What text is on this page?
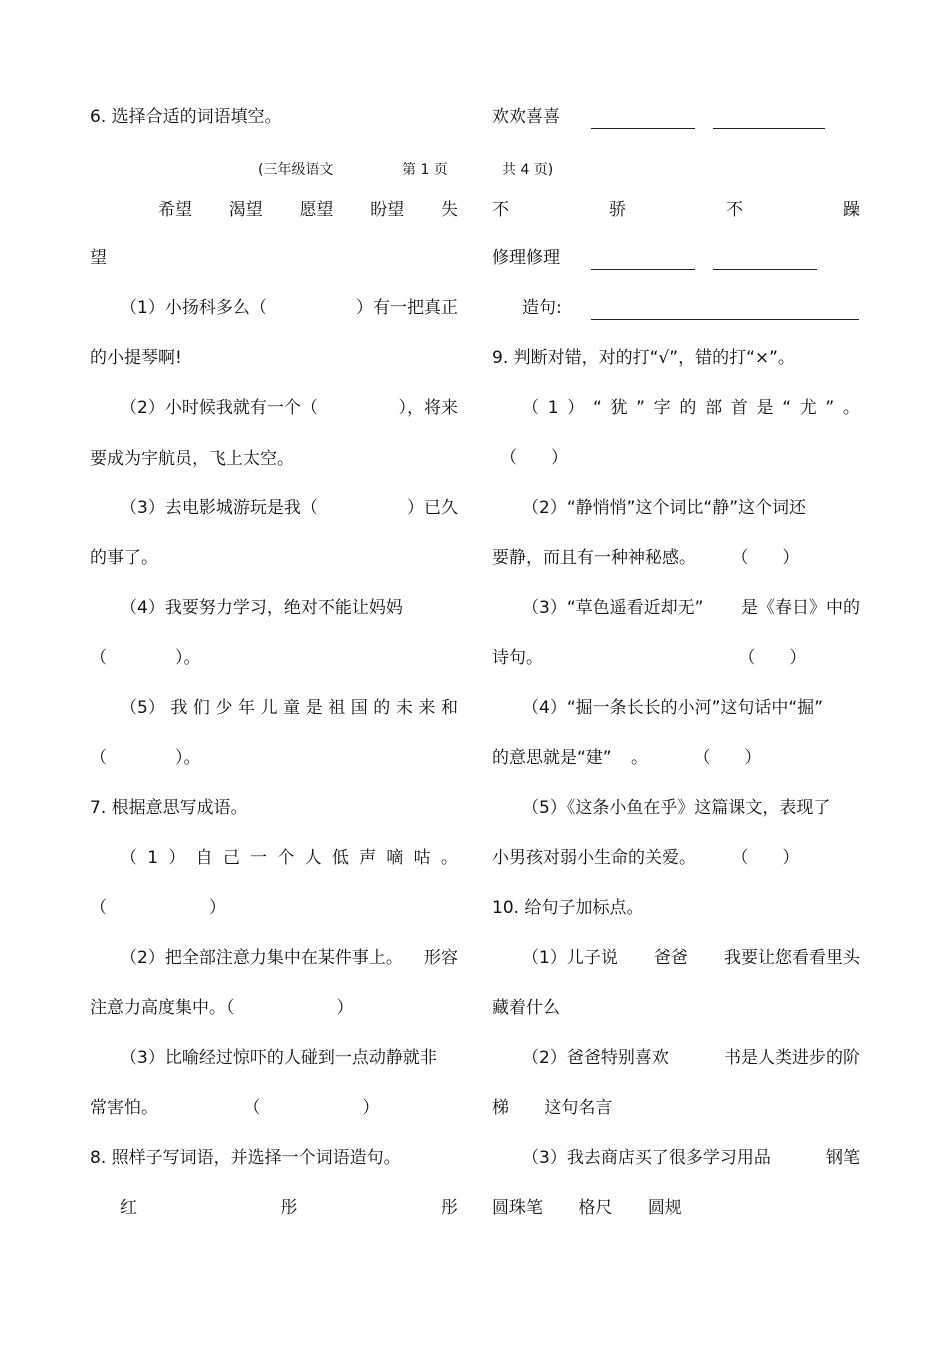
(三年级语文	第 1 页	共 4 页)
6. 选择合适的词语填空。
希望 渴望 愿望 盼望 失
望
（1）小扬科多么（	）有一把真正
的小提琴啊!
（2）小时候我就有一个（	），将来
要成为宇航员，飞上太空。
（3）去电影城游玩是我（	）已久
的事了。
（4）我要努力学习，绝对不能让妈妈
（　　　　）。
（5） 我 们 少 年 儿 童 是 祖 国 的 未 来 和
（　　　　）。
7. 根据意思写成语。
（ 1 ） 自 己 一 个 人 低 声 嘀 咕 。
（　　　　　　）
（2）把全部注意力集中在某件事上。 形容
注意力高度集中。（　　　　　　）
（3）比喻经过惊吓的人碰到一点动静就非
常害怕。	（　　　　　　）
8. 照样子写词语，并选择一个词语造句。
红	彤	彤
欢欢喜喜
不	骄	不	躁
修理修理
造句:
9. 判断对错，对的打“√”，错的打“×”。
（ 1 ） “ 犹 ” 字 的 部 首 是 “ 尤 ” 。
（　　）
（2）“静悄悄”这个词比“静”这个词还
要静，而且有一种神秘感。 （　　）
（3）“草色遥看近却无” 是《春日》中的
诗句。	（　　）
（4）“掘一条长长的小河”这句话中“掘”
的意思就是“建” 。	（　　）
（5）《这条小鱼在乎》这篇课文，表现了
小男孩对弱小生命的关爱。 （　　）
10. 给句子加标点。
（1）儿子说 爸爸 我要让您看看里头
藏着什么
（2）爸爸特别喜欢	书是人类进步的阶
梯 这句名言
（3）我去商店买了很多学习用品	钢笔
圆珠笔 格尺 圆规
